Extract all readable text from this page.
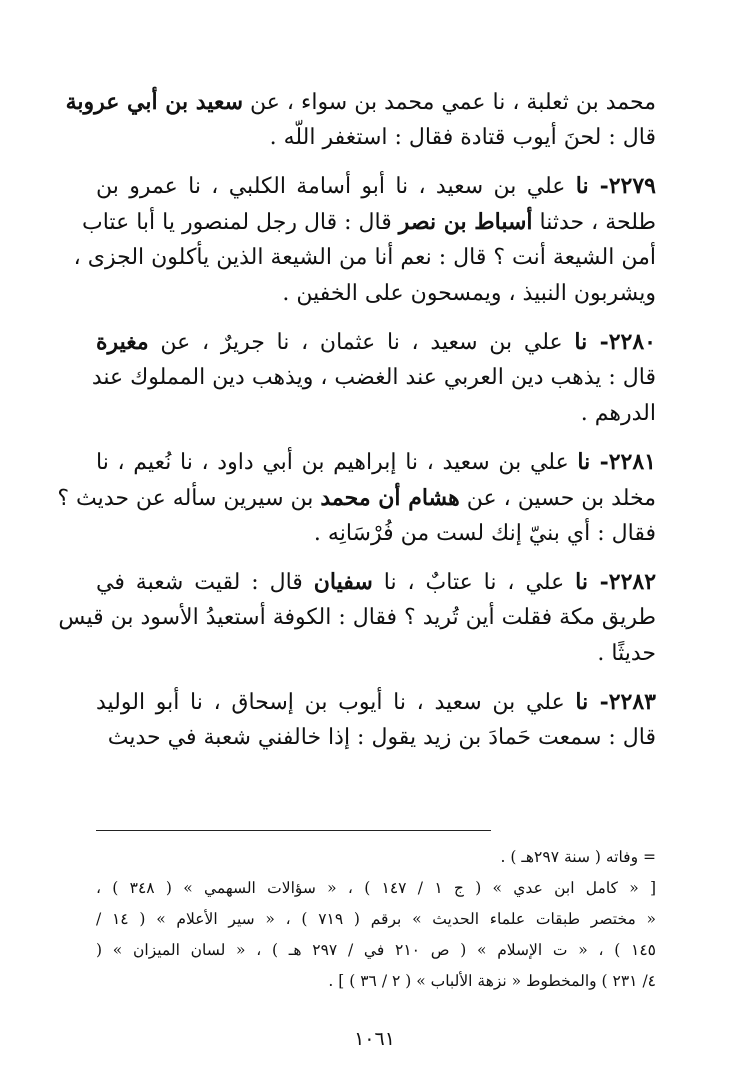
محمد بن ثعلبة ، نا عمي محمد بن سواء ، عن سعيد بن أبي عروبة
قال : لحنَ أيوب قتادة فقال : استغفر اللّه .
٢٢٧٩- نا علي بن سعيد ، نا أبو أسامة الكلبي ، نا عمرو بن
طلحة ، حدثنا أسباط بن نصر قال : قال رجل لمنصور يا أبا عتاب
أمن الشيعة أنت ؟ قال : نعم أنا من الشيعة الذين يأكلون الجزى ،
ويشربون النبيذ ، ويمسحون على الخفين .
٢٢٨٠- نا علي بن سعيد ، نا عثمان ، نا جريرٌ ، عن مغيرة
قال : يذهب دين العربي عند الغضب ، ويذهب دين المملوك عند
الدرهم .
٢٢٨١- نا علي بن سعيد ، نا إبراهيم بن أبي داود ، نا نُعيم ، نا
مخلد بن حسين ، عن هشام أن محمد بن سيرين سأله عن حديث ؟
فقال : أي بنيّ إنك لست من فُرْسَانِه .
٢٢٨٢- نا علي ، نا عتابٌ ، نا سفيان قال : لقيت شعبة في
طريق مكة فقلت أين تُريد ؟ فقال : الكوفة أستعيدُ الأسود بن قيس
حديثًا .
٢٢٨٣- نا علي بن سعيد ، نا أيوب بن إسحاق ، نا أبو الوليد
قال : سمعت حَمادَ بن زيد يقول : إذا خالفني شعبة في حديث
= وفاته ( سنة ٢٩٧هـ ) .
[ « كامل ابن عدي » ( ج ١ / ١٤٧ ) ، « سؤالات السهمي » ( ٣٤٨ ) ،
« مختصر طبقات علماء الحديث » برقم ( ٧١٩ ) ، « سير الأعلام » ( ١٤ /
١٤٥ ) ، « ت الإسلام » ( ص ٢١٠ في / ٢٩٧ هـ ) ، « لسان الميزان » (
٤/ ٢٣١ ) والمخطوط « نزهة الألباب » ( ٢ / ٣٦ ) ] .
١٠٦١
